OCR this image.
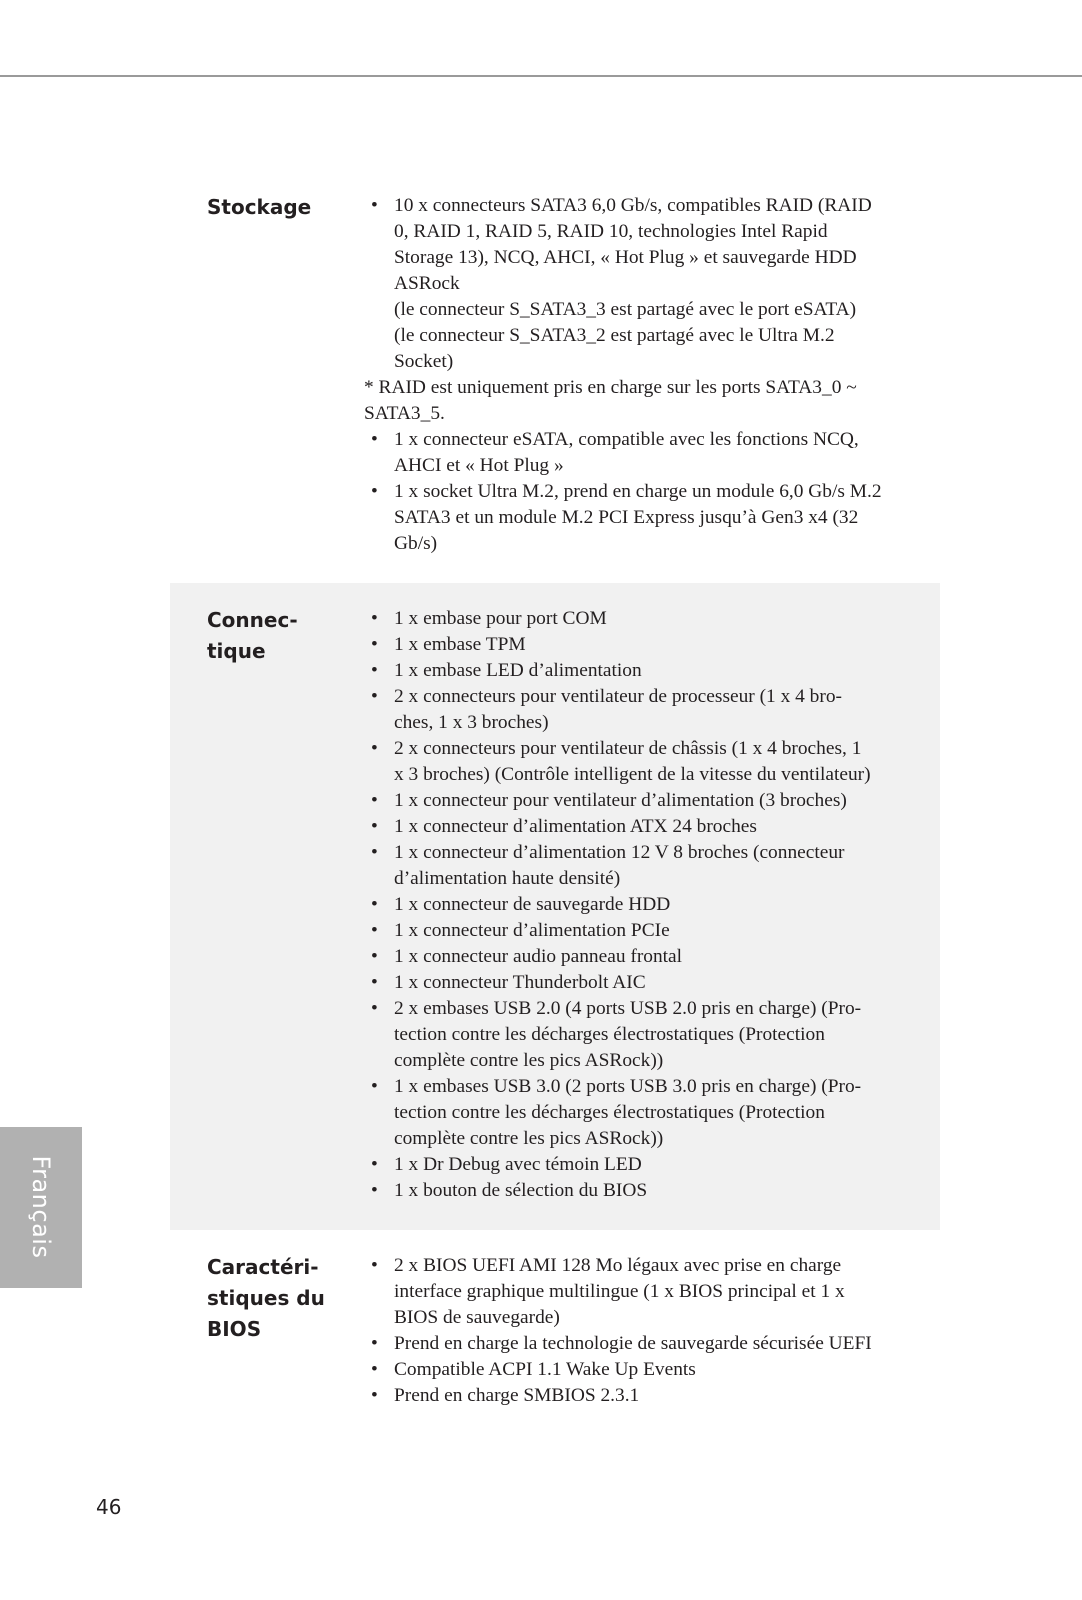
Stockage
•	10 x connecteurs SATA3 6,0 Gb/s, compatibles RAID (RAID
0, RAID 1, RAID 5, RAID 10, technologies Intel Rapid
Storage 13), NCQ, AHCI, « Hot Plug » et sauvegarde HDD
ASRock
(le connecteur S_SATA3_3 est partagé avec le port eSATA)
(le connecteur S_SATA3_2 est partagé avec le Ultra M.2
Socket)
* RAID est uniquement pris en charge sur les ports SATA3_0 ~
SATA3_5.
• 1 x connecteur eSATA, compatible avec les fonctions NCQ,
AHCI et « Hot Plug »
• 1 x socket Ultra M.2, prend en charge un module 6,0 Gb/s M.2
SATA3 et un module M.2 PCI Express jusqu’à Gen3 x4 (32
Gb/s)
Connec-
tique
• 1 x embase pour port COM
• 1 x embase TPM
• 1 x embase LED d’alimentation
• 2 x connecteurs pour ventilateur de processeur (1 x 4 bro-
ches, 1 x 3 broches)
• 2 x connecteurs pour ventilateur de châssis (1 x 4 broches, 1
x 3 broches) (Contrôle intelligent de la vitesse du ventilateur)
• 1 x connecteur pour ventilateur d’alimentation (3 broches)
• 1 x connecteur d’alimentation ATX 24 broches
• 1 x connecteur d’alimentation 12 V 8 broches (connecteur
d’alimentation haute densité)
• 1 x connecteur de sauvegarde HDD
• 1 x connecteur d’alimentation PCIe
• 1 x connecteur audio panneau frontal
• 1 x connecteur Thunderbolt AIC
• 2 x embases USB 2.0 (4 ports USB 2.0 pris en charge) (Pro-
tection contre les décharges électrostatiques (Protection
complète contre les pics ASRock))
• 1 x embases USB 3.0 (2 ports USB 3.0 pris en charge) (Pro-
tection contre les décharges électrostatiques (Protection
complète contre les pics ASRock))
• 1 x Dr Debug avec témoin LED
• 1 x bouton de sélection du BIOS
Caractéri-
stiques du
BIOS
• 2 x BIOS UEFI AMI 128 Mo légaux avec prise en charge
interface graphique multilingue (1 x BIOS principal et 1 x
BIOS de sauvegarde)
• Prend en charge la technologie de sauvegarde sécurisée UEFI
• Compatible ACPI 1.1 Wake Up Events
• Prend en charge SMBIOS 2.3.1
Français
46
